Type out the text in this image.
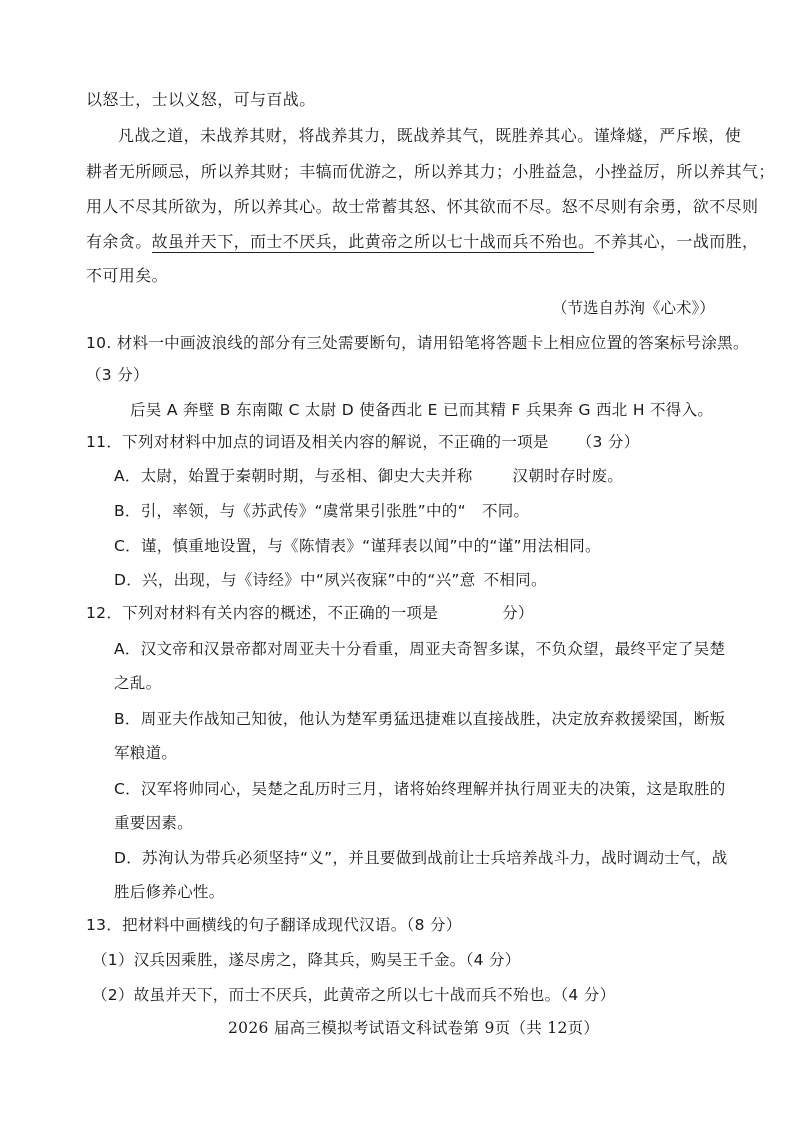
以怒士，士以义怒，可与百战。
凡战之道，未战养其财，将战养其力，既战养其气，既胜养其心。谨烽燧，严斥堠，使
耕者无所顾忌，所以养其财；丰犒而优游之，所以养其力；小胜益急，小挫益厉，所以养其气；
用人不尽其所欲为，所以养其心。故士常蓄其怒、怀其欲而不尽。怒不尽则有余勇，欲不尽则
有余贪。故虽并天下，而士不厌兵，此黄帝之所以七十战而兵不殆也。不养其心，一战而胜，
不可用矣。
（节选自苏洵《心术》）
10. 材料一中画波浪线的部分有三处需要断句，请用铅笔将答题卡上相应位置的答案标号涂黑。
（3 分）
后吴 A 奔壁 B 东南陬 C 太尉 D 使备西北 E 已而其精 F 兵果奔 G 西北 H 不得入。
11．下列对材料中加点的词语及相关内容的解说，不正确的一项是 （3 分）
A．太尉，始置于秦朝时期，与丞相、御史大夫并称	汉朝时存时废。
B．引，率领，与《苏武传》“虞常果引张胜”中的“ 不同。
C．谨，慎重地设置，与《陈情表》“谨拜表以闻”中的“谨”用法相同。
D．兴，出现，与《诗经》中“夙兴夜寐”中的“兴”意 不相同。
12．下列对材料有关内容的概述，不正确的一项是	分）
A．汉文帝和汉景帝都对周亚夫十分看重，周亚夫奇智多谋，不负众望，最终平定了吴楚
之乱。
B．周亚夫作战知己知彼，他认为楚军勇猛迅捷难以直接战胜，决定放弃救援梁国，断叛
军粮道。
C．汉军将帅同心，吴楚之乱历时三月，诸将始终理解并执行周亚夫的决策，这是取胜的
重要因素。
D．苏洵认为带兵必须坚持“义”，并且要做到战前让士兵培养战斗力，战时调动士气，战
胜后修养心性。
13．把材料中画横线的句子翻译成现代汉语。（8 分）
（1）汉兵因乘胜，遂尽虏之，降其兵，购吴王千金。（4 分）
（2）故虽并天下，而士不厌兵，此黄帝之所以七十战而兵不殆也。（4 分）
2026 届高三模拟考试语文科试卷第 9页（共 12页）
